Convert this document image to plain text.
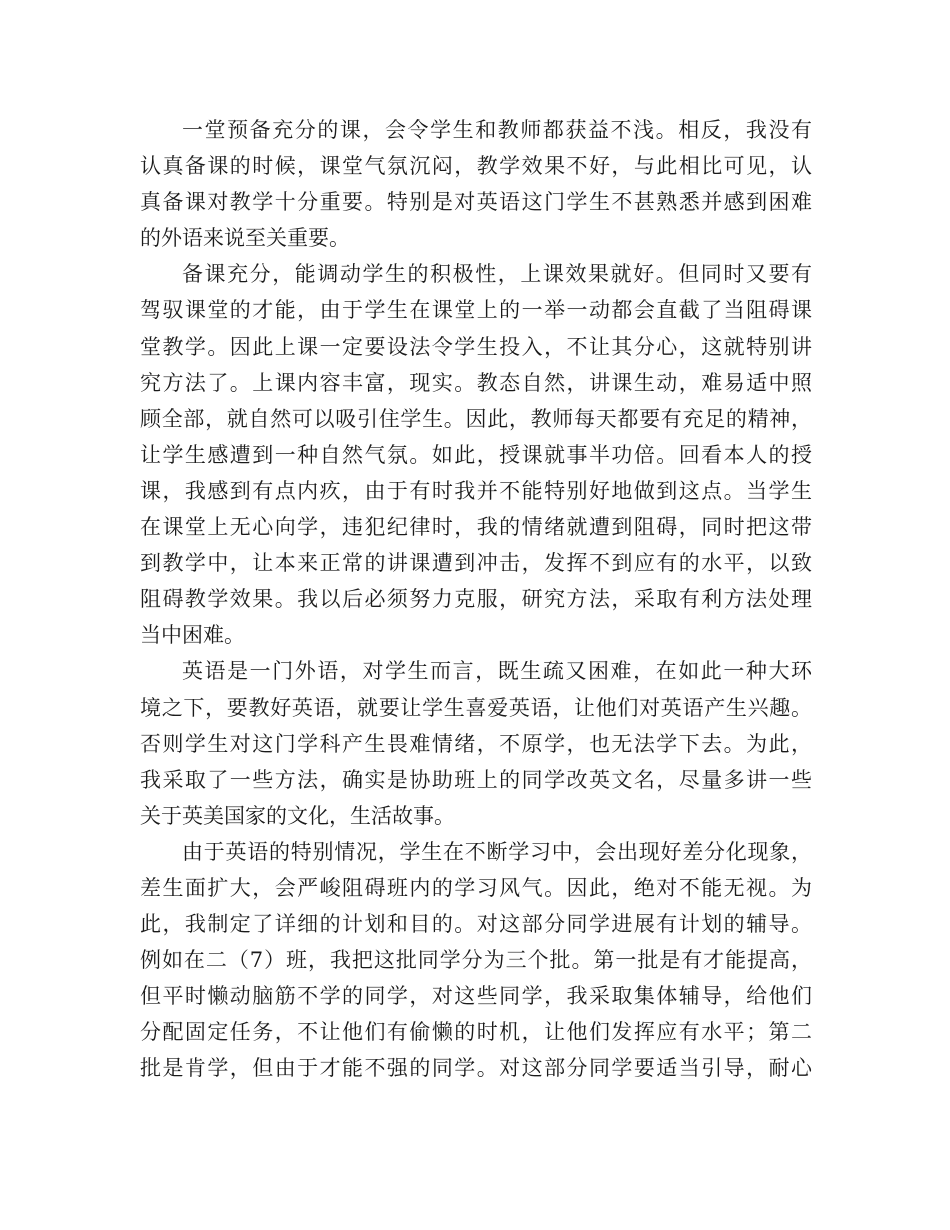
一堂预备充分的课，会令学生和教师都获益不浅。相反，我没有
认真备课的时候，课堂气氛沉闷，教学效果不好，与此相比可见，认
真备课对教学十分重要。特别是对英语这门学生不甚熟悉并感到困难
的外语来说至关重要。
备课充分，能调动学生的积极性，上课效果就好。但同时又要有
驾驭课堂的才能，由于学生在课堂上的一举一动都会直截了当阻碍课
堂教学。因此上课一定要设法令学生投入，不让其分心，这就特别讲
究方法了。上课内容丰富，现实。教态自然，讲课生动，难易适中照
顾全部，就自然可以吸引住学生。因此，教师每天都要有充足的精神，
让学生感遭到一种自然气氛。如此，授课就事半功倍。回看本人的授
课，我感到有点内疚，由于有时我并不能特别好地做到这点。当学生
在课堂上无心向学，违犯纪律时，我的情绪就遭到阻碍，同时把这带
到教学中，让本来正常的讲课遭到冲击，发挥不到应有的水平，以致
阻碍教学效果。我以后必须努力克服，研究方法，采取有利方法处理
当中困难。
英语是一门外语，对学生而言，既生疏又困难，在如此一种大环
境之下，要教好英语，就要让学生喜爱英语，让他们对英语产生兴趣。
否则学生对这门学科产生畏难情绪，不原学，也无法学下去。为此，
我采取了一些方法，确实是协助班上的同学改英文名，尽量多讲一些
关于英美国家的文化，生活故事。
由于英语的特别情况，学生在不断学习中，会出现好差分化现象，
差生面扩大，会严峻阻碍班内的学习风气。因此，绝对不能无视。为
此，我制定了详细的计划和目的。对这部分同学进展有计划的辅导。
例如在二（7）班，我把这批同学分为三个批。第一批是有才能提高，
但平时懒动脑筋不学的同学，对这些同学，我采取集体辅导，给他们
分配固定任务，不让他们有偷懒的时机，让他们发挥应有水平；第二
批是肯学，但由于才能不强的同学。对这部分同学要适当引导，耐心
